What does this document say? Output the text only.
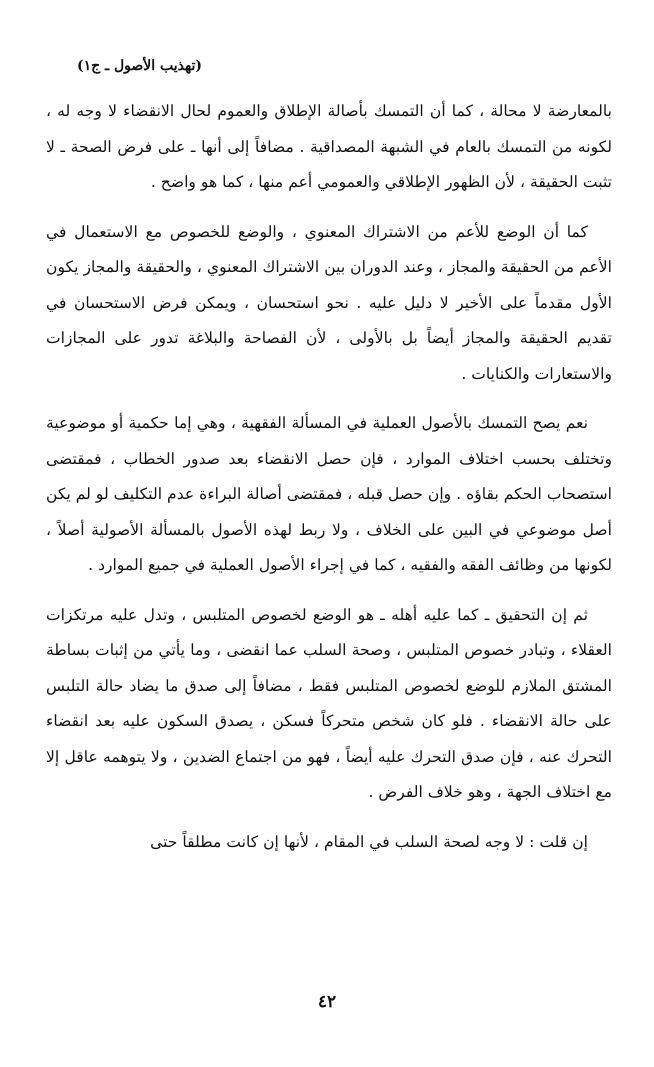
(تهذيب الأصول ـ ج١)

بالمعارضة لا محالة ، كما أن التمسك بأصالة الإطلاق والعموم لحال الانقضاء لا وجه له ، لكونه من التمسك بالعام في الشبهة المصداقية . مضافاً إلى أنها ـ على فرض الصحة ـ لا تثبت الحقيقة ، لأن الظهور الإطلاقي والعمومي أعم منها ، كما هو واضح .

كما أن الوضع للأعم من الاشتراك المعنوي ، والوضع للخصوص مع الاستعمال في الأعم من الحقيقة والمجاز ، وعند الدوران بين الاشتراك المعنوي ، والحقيقة والمجاز يكون الأول مقدماً على الأخير لا دليل عليه . نحو استحسان ، ويمكن فرض الاستحسان في تقديم الحقيقة والمجاز أيضاً بل بالأولى ، لأن الفصاحة والبلاغة تدور على المجازات والاستعارات والكنايات .

نعم يصح التمسك بالأصول العملية في المسألة الفقهية ، وهي إما حكمية أو موضوعية وتختلف بحسب اختلاف الموارد ، فإن حصل الانقضاء بعد صدور الخطاب ، فمقتضى استصحاب الحكم بقاؤه . وإن حصل قبله ، فمقتضى أصالة البراءة عدم التكليف لو لم يكن أصل موضوعي في البين على الخلاف ، ولا ربط لهذه الأصول بالمسألة الأصولية أصلاً ، لكونها من وظائف الفقه والفقيه ، كما في إجراء الأصول العملية في جميع الموارد .

ثم إن التحقيق ـ كما عليه أهله ـ هو الوضع لخصوص المتلبس ، وتدل عليه مرتكزات العقلاء ، وتبادر خصوص المتلبس ، وصحة السلب عما انقضى ، وما يأتي من إثبات بساطة المشتق الملازم للوضع لخصوص المتلبس فقط ، مضافاً إلى صدق ما يضاد حالة التلبس على حالة الانقضاء . فلو كان شخص متحركاً فسكن ، يصدق السكون عليه بعد انقضاء التحرك عنه ، فإن صدق التحرك عليه أيضاً ، فهو من اجتماع الضدين ، ولا يتوهمه عاقل إلا مع اختلاف الجهة ، وهو خلاف الفرض .

إن قلت : لا وجه لصحة السلب في المقام ، لأنها إن كانت مطلقاً حتى

٤٢
